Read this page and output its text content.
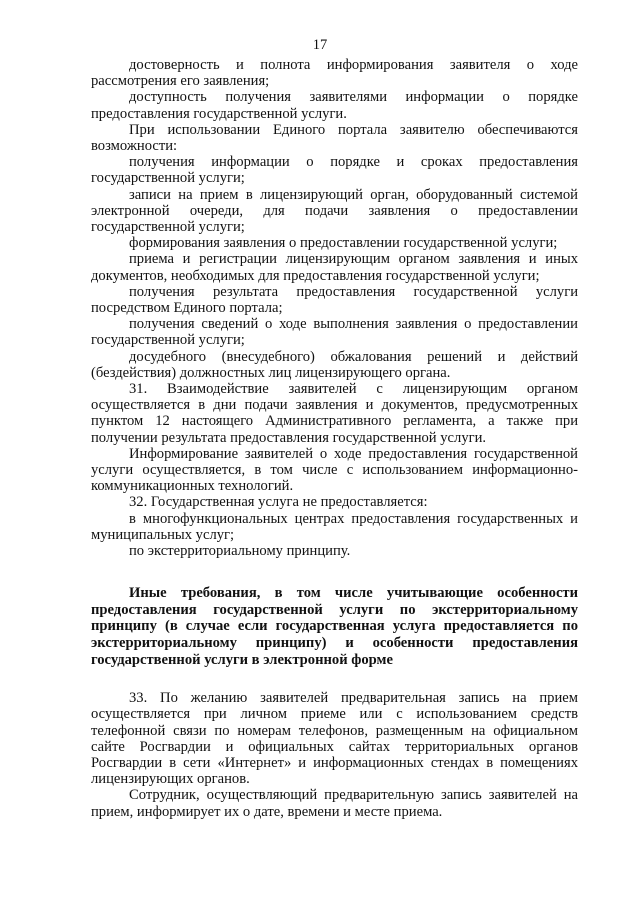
17

достоверность и полнота информирования заявителя о ходе рассмотрения его заявления;

доступность получения заявителями информации о порядке предоставления государственной услуги.

При использовании Единого портала заявителю обеспечиваются возможности:

получения информации о порядке и сроках предоставления государственной услуги;

записи на прием в лицензирующий орган, оборудованный системой электронной очереди, для подачи заявления о предоставлении государственной услуги;

формирования заявления о предоставлении государственной услуги;

приема и регистрации лицензирующим органом заявления и иных документов, необходимых для предоставления государственной услуги;

получения результата предоставления государственной услуги посредством Единого портала;

получения сведений о ходе выполнения заявления о предоставлении государственной услуги;

досудебного (внесудебного) обжалования решений и действий (бездействия) должностных лиц лицензирующего органа.

31. Взаимодействие заявителей с лицензирующим органом осуществляется в дни подачи заявления и документов, предусмотренных пунктом 12 настоящего Административного регламента, а также при получении результата предоставления государственной услуги.

Информирование заявителей о ходе предоставления государственной услуги осуществляется, в том числе с использованием информационно-коммуникационных технологий.

32. Государственная услуга не предоставляется:

в многофункциональных центрах предоставления государственных и муниципальных услуг;

по экстерриториальному принципу.

Иные требования, в том числе учитывающие особенности предоставления государственной услуги по экстерриториальному принципу (в случае если государственная услуга предоставляется по экстерриториальному принципу) и особенности предоставления государственной услуги в электронной форме

33. По желанию заявителей предварительная запись на прием осуществляется при личном приеме или с использованием средств телефонной связи по номерам телефонов, размещенным на официальном сайте Росгвардии и официальных сайтах территориальных органов Росгвардии в сети «Интернет» и информационных стендах в помещениях лицензирующих органов.

Сотрудник, осуществляющий предварительную запись заявителей на прием, информирует их о дате, времени и месте приема.
